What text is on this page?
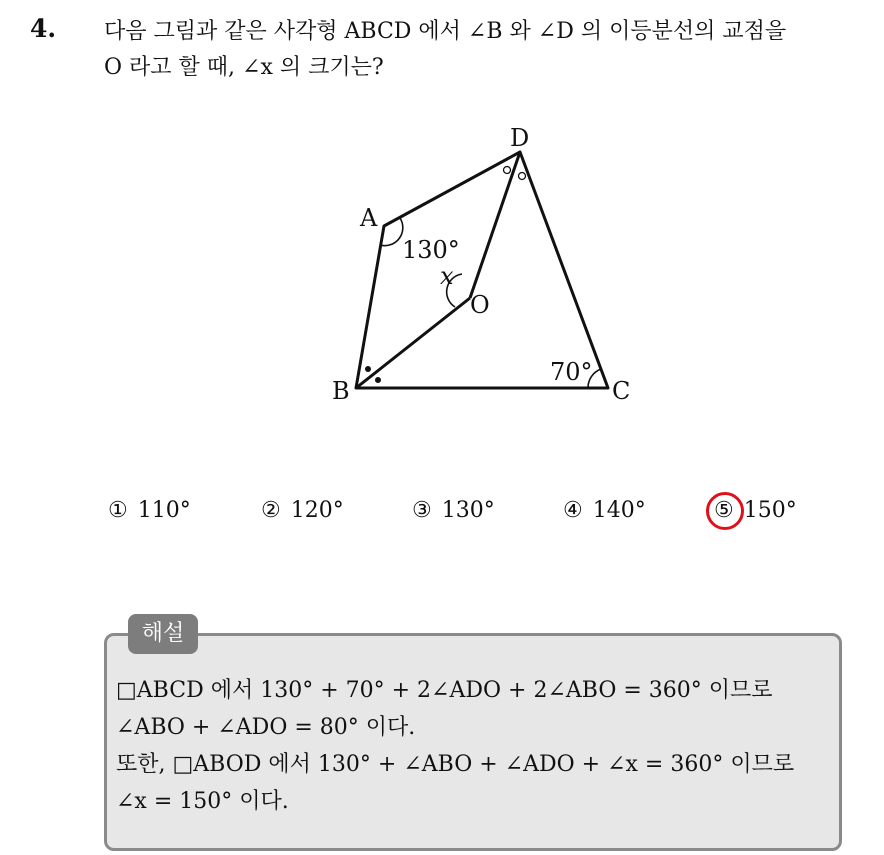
4. 다음 그림과 같은 사각형 ABCD 에서 ∠B 와 ∠D 의 이등분선의 교점을
O 라고 할 때, ∠x 의 크기는?
A
B	C
D
O
130°
70°
x
① 110°	② 120°	③ 130°	④ 140°	⑤ 150°
해설
□ABCD 에서 130° + 70° + 2∠ADO + 2∠ABO = 360° 이므로
∠ABO + ∠ADO = 80° 이다.
또한, □ABOD 에서 130° + ∠ABO + ∠ADO + ∠x = 360° 이므로
∠x = 150° 이다.
